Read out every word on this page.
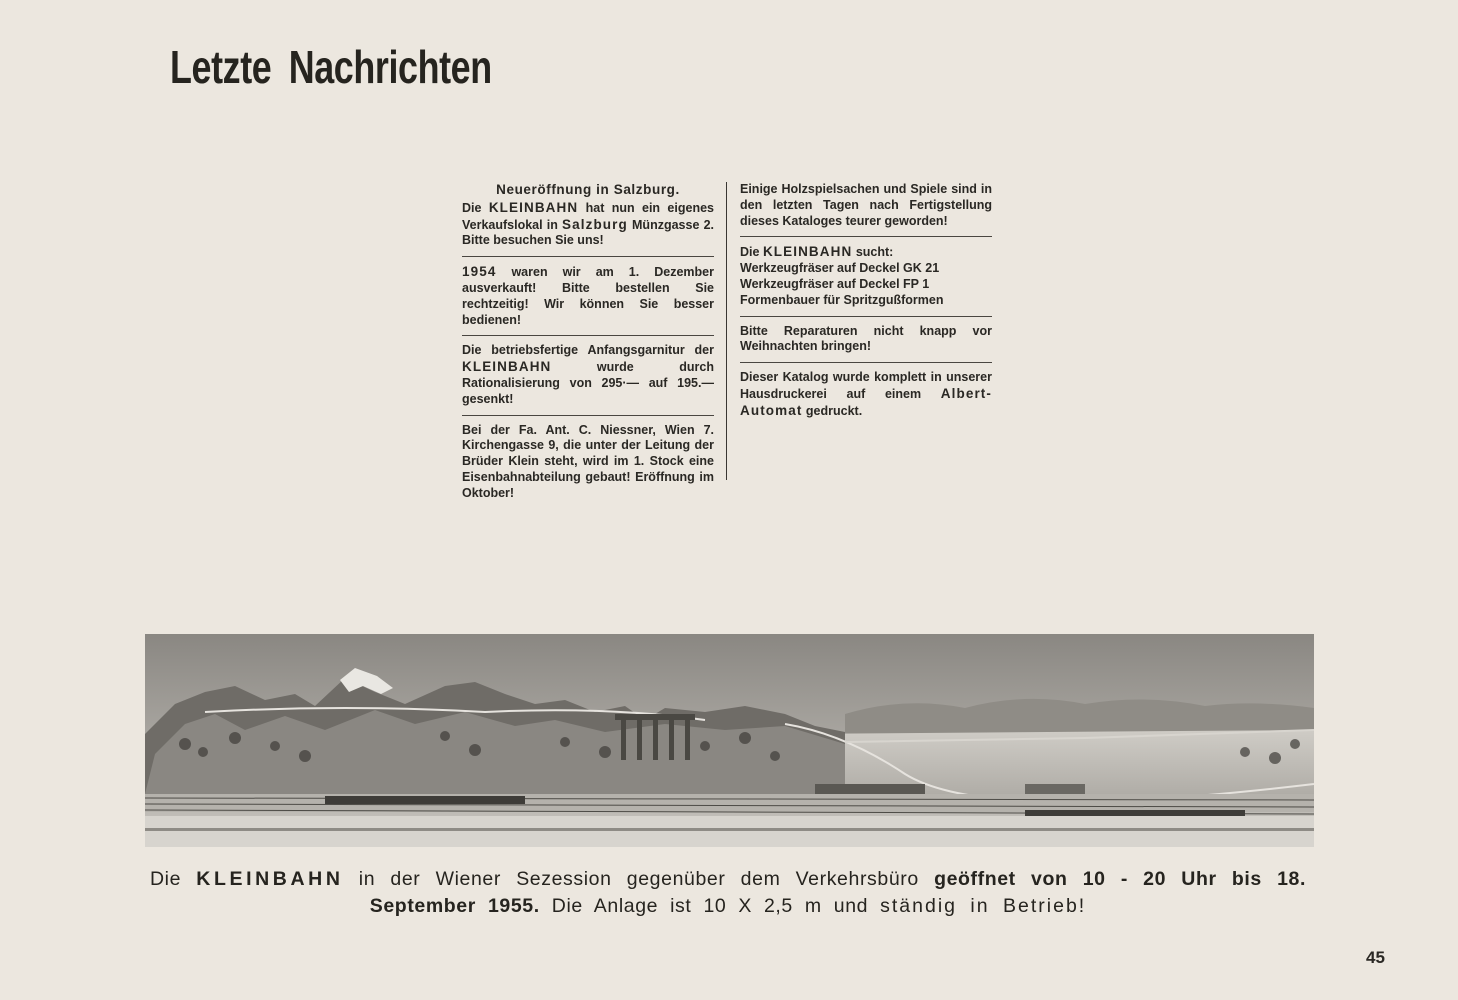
Letzte Nachrichten

Neueröffnung in Salzburg.

Die KLEINBAHN hat nun ein eigenes Verkaufslokal in Salzburg Münzgasse 2. Bitte besuchen Sie uns!

1954 waren wir am 1. Dezember ausverkauft! Bitte bestellen Sie rechtzeitig! Wir können Sie besser bedienen!

Die betriebsfertige Anfangsgarnitur der KLEINBAHN wurde durch Rationalisierung von 295·— auf 195.— gesenkt!

Bei der Fa. Ant. C. Niessner, Wien 7. Kirchengasse 9, die unter der Leitung der Brüder Klein steht, wird im 1. Stock eine Eisenbahnabteilung gebaut! Eröffnung im Oktober!

Einige Holzspielsachen und Spiele sind in den letzten Tagen nach Fertigstellung dieses Kataloges teurer geworden!

Die KLEINBAHN sucht:

Werkzeugfräser auf Deckel GK 21

Werkzeugfräser auf Deckel FP 1

Formenbauer für Spritzgußformen

Bitte Reparaturen nicht knapp vor Weihnachten bringen!

Dieser Katalog wurde komplett in unserer Hausdruckerei auf einem Albert-Automat gedruckt.

Die KLEINBAHN in der Wiener Sezession gegenüber dem Verkehrsbüro geöffnet von 10 - 20 Uhr bis 18. September 1955. Die Anlage ist 10 X 2,5 m und ständig in Betrieb!
45
